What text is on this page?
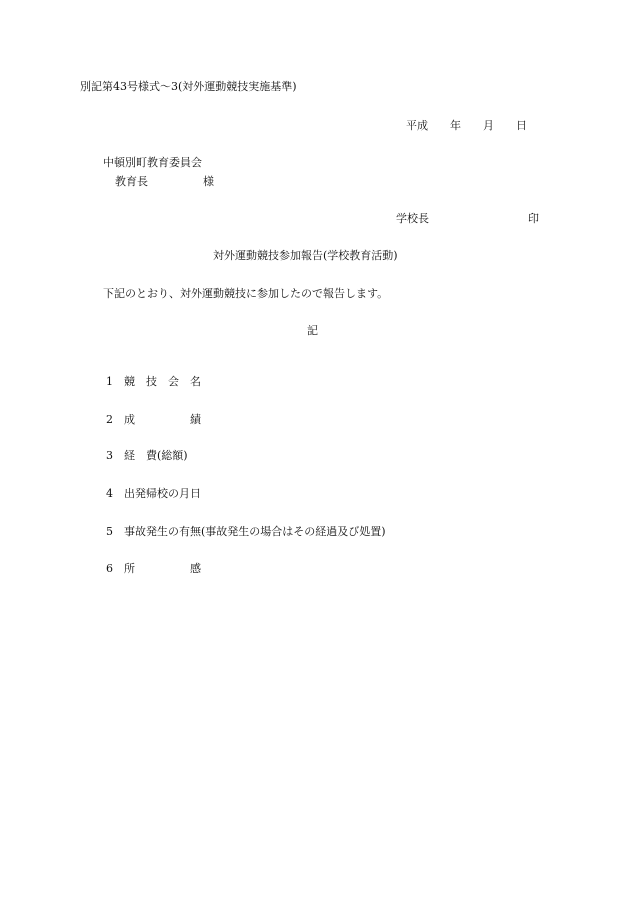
別記第43号様式〜3(対外運動競技実施基準)
平成　　年　　月　　日
中頓別町教育委員会
教育長　　　　　様
学校長　　　　　　　　　印
対外運動競技参加報告(学校教育活動)
下記のとおり、対外運動競技に参加したので報告します。
記

1 競　技　会　名

2 成　　　　　績

3 経　費(総額)

4 出発帰校の月日

5 事故発生の有無(事故発生の場合はその経過及び処置)

6 所　　　　　感
